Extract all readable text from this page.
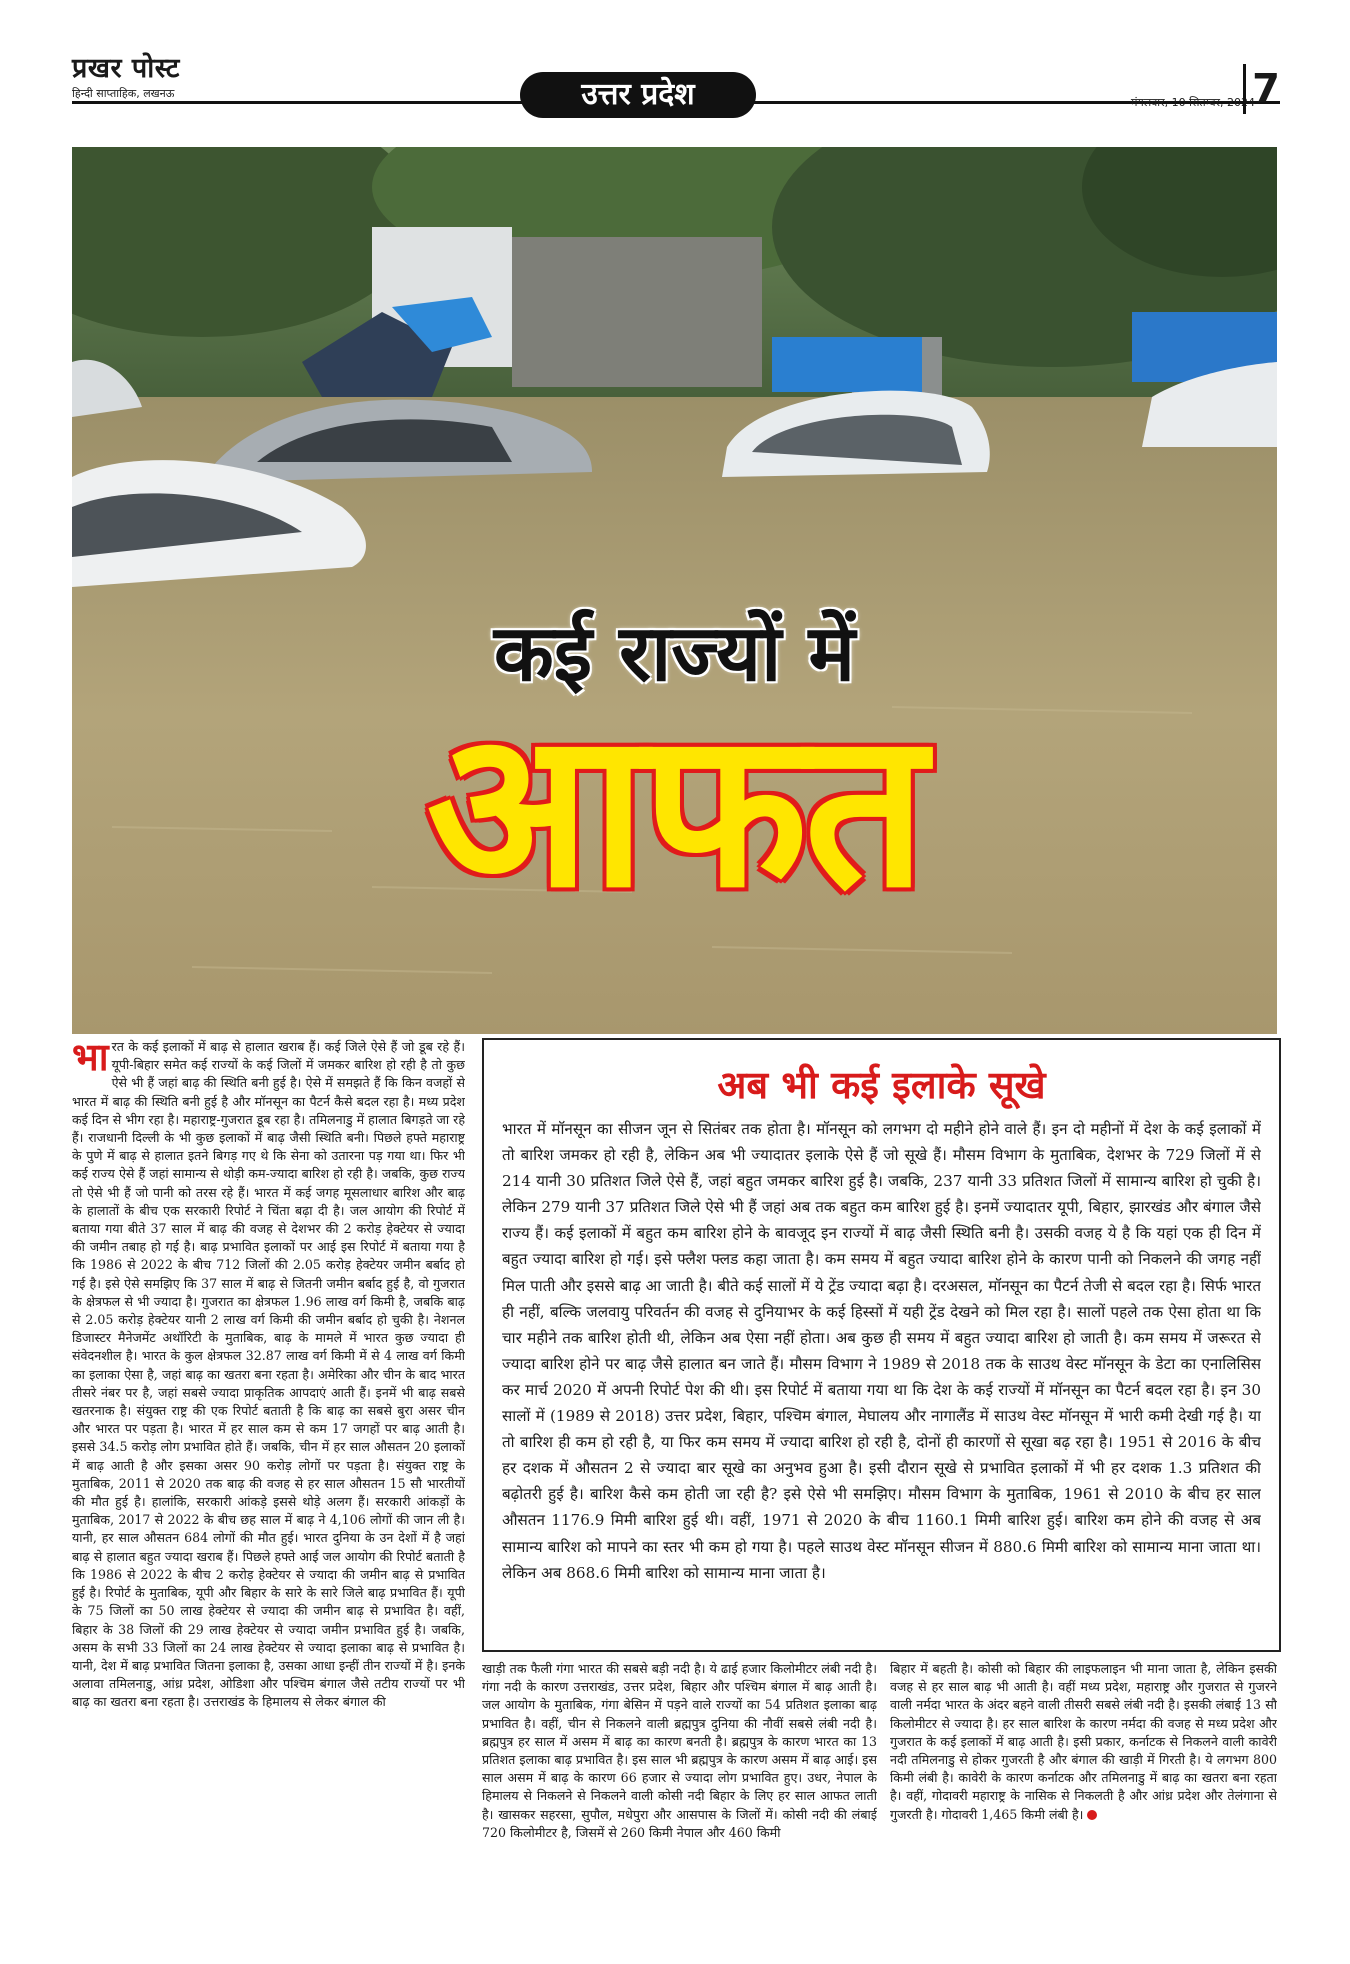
प्रखर पोस्ट
हिन्दी साप्ताहिक, लखनऊ	उत्तर प्रदेश	मंगलवार, 10 सितम्बर, 2024
7
कई राज्यों में
आफत
भारत के कई इलाकों में बाढ़ से हालात खराब हैं। कई जिले ऐसे हैं जो डूब रहे हैं। यूपी-बिहार समेत कई राज्यों के कई जिलों में जमकर बारिश हो रही है तो कुछ ऐसे भी हैं जहां बाढ़ की स्थिति बनी हुई है। ऐसे में समझते हैं कि किन वजहों से भारत में बाढ़ की स्थिति बनी हुई है और मॉनसून का पैटर्न कैसे बदल रहा है। मध्य प्रदेश कई दिन से भीग रहा है। महाराष्ट्र-गुजरात डूब रहा है। तमिलनाडु में हालात बिगड़ते जा रहे हैं। राजधानी दिल्ली के भी कुछ इलाकों में बाढ़ जैसी स्थिति बनी। पिछले हफ्ते महाराष्ट्र के पुणे में बाढ़ से हालात इतने बिगड़ गए थे कि सेना को उतारना पड़ गया था। फिर भी कई राज्य ऐसे हैं जहां सामान्य से थोड़ी कम-ज्यादा बारिश हो रही है। जबकि, कुछ राज्य तो ऐसे भी हैं जो पानी को तरस रहे हैं। भारत में कई जगह मूसलाधार बारिश और बाढ़ के हालातों के बीच एक सरकारी रिपोर्ट ने चिंता बढ़ा दी है। जल आयोग की रिपोर्ट में बताया गया बीते 37 साल में बाढ़ की वजह से देशभर की 2 करोड़ हेक्टेयर से ज्यादा की जमीन तबाह हो गई है। बाढ़ प्रभावित इलाकों पर आई इस रिपोर्ट में बताया गया है कि 1986 से 2022 के बीच 712 जिलों की 2.05 करोड़ हेक्टेयर जमीन बर्बाद हो गई है। इसे ऐसे समझिए कि 37 साल में बाढ़ से जितनी जमीन बर्बाद हुई है, वो गुजरात के क्षेत्रफल से भी ज्यादा है। गुजरात का क्षेत्रफल 1.96 लाख वर्ग किमी है, जबकि बाढ़ से 2.05 करोड़ हेक्टेयर यानी 2 लाख वर्ग किमी की जमीन बर्बाद हो चुकी है। नेशनल डिजास्टर मैनेजमेंट अथॉरिटी के मुताबिक, बाढ़ के मामले में भारत कुछ ज्यादा ही संवेदनशील है। भारत के कुल क्षेत्रफल 32.87 लाख वर्ग किमी में से 4 लाख वर्ग किमी का इलाका ऐसा है, जहां बाढ़ का खतरा बना रहता है। अमेरिका और चीन के बाद भारत तीसरे नंबर पर है, जहां सबसे ज्यादा प्राकृतिक आपदाएं आती हैं। इनमें भी बाढ़ सबसे खतरनाक है। संयुक्त राष्ट्र की एक रिपोर्ट बताती है कि बाढ़ का सबसे बुरा असर चीन और भारत पर पड़ता है। भारत में हर साल कम से कम 17 जगहों पर बाढ़ आती है। इससे 34.5 करोड़ लोग प्रभावित होते हैं। जबकि, चीन में हर साल औसतन 20 इलाकों में बाढ़ आती है और इसका असर 90 करोड़ लोगों पर पड़ता है। संयुक्त राष्ट्र के मुताबिक, 2011 से 2020 तक बाढ़ की वजह से हर साल औसतन 15 सौ भारतीयों की मौत हुई है। हालांकि, सरकारी आंकड़े इससे थोड़े अलग हैं। सरकारी आंकड़ों के मुताबिक, 2017 से 2022 के बीच छह साल में बाढ़ ने 4,106 लोगों की जान ली है। यानी, हर साल औसतन 684 लोगों की मौत हुई। भारत दुनिया के उन देशों में है जहां बाढ़ से हालात बहुत ज्यादा खराब हैं। पिछले हफ्ते आई जल आयोग की रिपोर्ट बताती है कि 1986 से 2022 के बीच 2 करोड़ हेक्टेयर से ज्यादा की जमीन बाढ़ से प्रभावित हुई है। रिपोर्ट के मुताबिक, यूपी और बिहार के सारे के सारे जिले बाढ़ प्रभावित हैं। यूपी के 75 जिलों का 50 लाख हेक्टेयर से ज्यादा की जमीन बाढ़ से प्रभावित है। वहीं, बिहार के 38 जिलों की 29 लाख हेक्टेयर से ज्यादा जमीन प्रभावित हुई है। जबकि, असम के सभी 33 जिलों का 24 लाख हेक्टेयर से ज्यादा इलाका बाढ़ से प्रभावित है। यानी, देश में बाढ़ प्रभावित जितना इलाका है, उसका आधा इन्हीं तीन राज्यों में है। इनके अलावा तमिलनाडु, आंध्र प्रदेश, ओडिशा और पश्चिम बंगाल जैसे तटीय राज्यों पर भी बाढ़ का खतरा बना रहता है। उत्तराखंड के हिमालय से लेकर बंगाल की
अब भी कई इलाके सूखे
भारत में मॉनसून का सीजन जून से सितंबर तक होता है। मॉनसून को लगभग दो महीने होने वाले हैं। इन दो महीनों में देश के कई इलाकों में तो बारिश जमकर हो रही है, लेकिन अब भी ज्यादातर इलाके ऐसे हैं जो सूखे हैं। मौसम विभाग के मुताबिक, देशभर के 729 जिलों में से 214 यानी 30 प्रतिशत जिले ऐसे हैं, जहां बहुत जमकर बारिश हुई है। जबकि, 237 यानी 33 प्रतिशत जिलों में सामान्य बारिश हो चुकी है। लेकिन 279 यानी 37 प्रतिशत जिले ऐसे भी हैं जहां अब तक बहुत कम बारिश हुई है। इनमें ज्यादातर यूपी, बिहार, झारखंड और बंगाल जैसे राज्य हैं। कई इलाकों में बहुत कम बारिश होने के बावजूद इन राज्यों में बाढ़ जैसी स्थिति बनी है। उसकी वजह ये है कि यहां एक ही दिन में बहुत ज्यादा बारिश हो गई। इसे फ्लैश फ्लड कहा जाता है। कम समय में बहुत ज्यादा बारिश होने के कारण पानी को निकलने की जगह नहीं मिल पाती और इससे बाढ़ आ जाती है। बीते कई सालों में ये ट्रेंड ज्यादा बढ़ा है। दरअसल, मॉनसून का पैटर्न तेजी से बदल रहा है। सिर्फ भारत ही नहीं, बल्कि जलवायु परिवर्तन की वजह से दुनियाभर के कई हिस्सों में यही ट्रेंड देखने को मिल रहा है। सालों पहले तक ऐसा होता था कि चार महीने तक बारिश होती थी, लेकिन अब ऐसा नहीं होता। अब कुछ ही समय में बहुत ज्यादा बारिश हो जाती है। कम समय में जरूरत से ज्यादा बारिश होने पर बाढ़ जैसे हालात बन जाते हैं। मौसम विभाग ने 1989 से 2018 तक के साउथ वेस्ट मॉनसून के डेटा का एनालिसिस कर मार्च 2020 में अपनी रिपोर्ट पेश की थी। इस रिपोर्ट में बताया गया था कि देश के कई राज्यों में मॉनसून का पैटर्न बदल रहा है। इन 30 सालों में (1989 से 2018) उत्तर प्रदेश, बिहार, पश्चिम बंगाल, मेघालय और नागालैंड में साउथ वेस्ट मॉनसून में भारी कमी देखी गई है। या तो बारिश ही कम हो रही है, या फिर कम समय में ज्यादा बारिश हो रही है, दोनों ही कारणों से सूखा बढ़ रहा है। 1951 से 2016 के बीच हर दशक में औसतन 2 से ज्यादा बार सूखे का अनुभव हुआ है। इसी दौरान सूखे से प्रभावित इलाकों में भी हर दशक 1.3 प्रतिशत की बढ़ोतरी हुई है। बारिश कैसे कम होती जा रही है? इसे ऐसे भी समझिए। मौसम विभाग के मुताबिक, 1961 से 2010 के बीच हर साल औसतन 1176.9 मिमी बारिश हुई थी। वहीं, 1971 से 2020 के बीच 1160.1 मिमी बारिश हुई। बारिश कम होने की वजह से अब सामान्य बारिश को मापने का स्तर भी कम हो गया है। पहले साउथ वेस्ट मॉनसून सीजन में 880.6 मिमी बारिश को सामान्य माना जाता था। लेकिन अब 868.6 मिमी बारिश को सामान्य माना जाता है।
खाड़ी तक फैली गंगा भारत की सबसे बड़ी नदी है। ये ढाई हजार किलोमीटर लंबी नदी है। गंगा नदी के कारण उत्तराखंड, उत्तर प्रदेश, बिहार और पश्चिम बंगाल में बाढ़ आती है। जल आयोग के मुताबिक, गंगा बेसिन में पड़ने वाले राज्यों का 54 प्रतिशत इलाका बाढ़ प्रभावित है। वहीं, चीन से निकलने वाली ब्रह्मपुत्र दुनिया की नौवीं सबसे लंबी नदी है। ब्रह्मपुत्र हर साल में असम में बाढ़ का कारण बनती है। ब्रह्मपुत्र के कारण भारत का 13 प्रतिशत इलाका बाढ़ प्रभावित है। इस साल भी ब्रह्मपुत्र के कारण असम में बाढ़ आई। इस साल असम में बाढ़ के कारण 66 हजार से ज्यादा लोग प्रभावित हुए। उधर, नेपाल के हिमालय से निकलने से निकलने वाली कोसी नदी बिहार के लिए हर साल आफत लाती है। खासकर सहरसा, सुपौल, मधेपुरा और आसपास के जिलों में। कोसी नदी की लंबाई 720 किलोमीटर है, जिसमें से 260 किमी नेपाल और 460 किमी
बिहार में बहती है। कोसी को बिहार की लाइफलाइन भी माना जाता है, लेकिन इसकी वजह से हर साल बाढ़ भी आती है। वहीं मध्य प्रदेश, महाराष्ट्र और गुजरात से गुजरने वाली नर्मदा भारत के अंदर बहने वाली तीसरी सबसे लंबी नदी है। इसकी लंबाई 13 सौ किलोमीटर से ज्यादा है। हर साल बारिश के कारण नर्मदा की वजह से मध्य प्रदेश और गुजरात के कई इलाकों में बाढ़ आती है। इसी प्रकार, कर्नाटक से निकलने वाली कावेरी नदी तमिलनाडु से होकर गुजरती है और बंगाल की खाड़ी में गिरती है। ये लगभग 800 किमी लंबी है। कावेरी के कारण कर्नाटक और तमिलनाडु में बाढ़ का खतरा बना रहता है। वहीं, गोदावरी महाराष्ट्र के नासिक से निकलती है और आंध्र प्रदेश और तेलंगाना से गुजरती है। गोदावरी 1,465 किमी लंबी है।
